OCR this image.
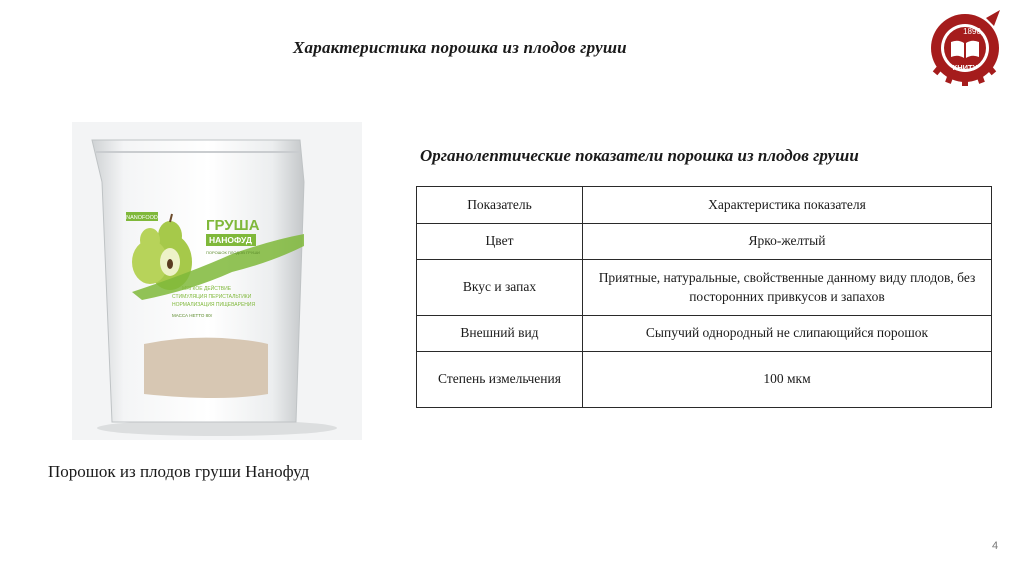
Характеристика порошка из плодов груши
1890
КНИТУ
NANOFOOD	ГРУША
НАНОФУД
ПОРОШОК ПЛОДОВ ГРУШИ
МЯГКОЕ ДЕЙСТВИЕ
СТИМУЛЯЦИЯ ПЕРИСТАЛЬТИКИ
НОРМАЛИЗАЦИЯ ПИЩЕВАРЕНИЯ
МАССА НЕТТО 80г
Порошок из плодов груши Нанофуд
Органолептические показатели порошка из плодов груши
Показатель	Характеристика показателя
Цвет	Ярко-желтый
Вкус и запах	Приятные, натуральные, свойственные данному виду плодов, без посторонних привкусов и запахов
Внешний вид	Сыпучий однородный не слипающийся порошок
Степень измельчения	100 мкм
4
